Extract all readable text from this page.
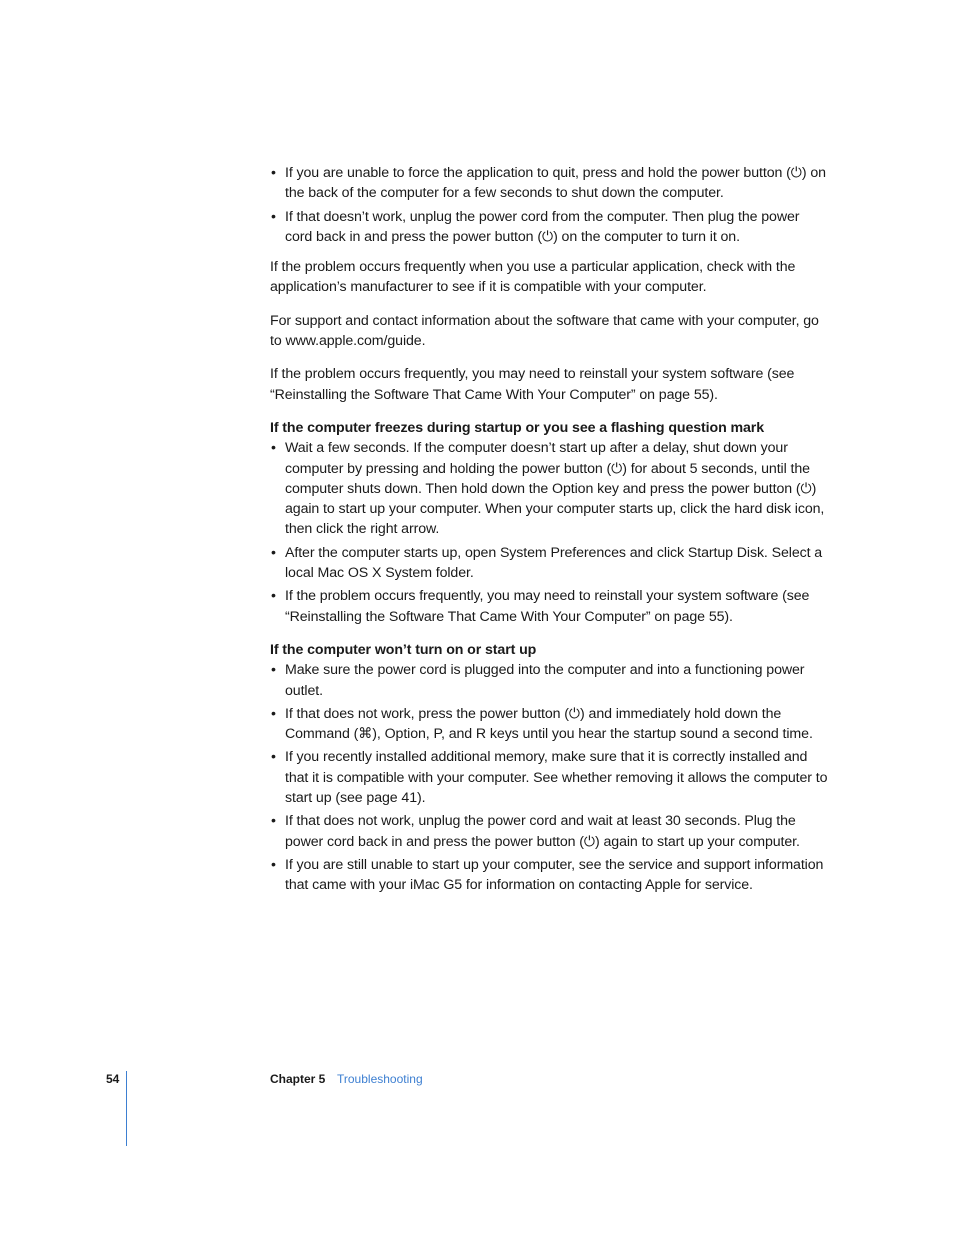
• If you are unable to force the application to quit, press and hold the power button (⏻) on the back of the computer for a few seconds to shut down the computer.
• If that doesn’t work, unplug the power cord from the computer. Then plug the power cord back in and press the power button (⏻) on the computer to turn it on.

If the problem occurs frequently when you use a particular application, check with the application’s manufacturer to see if it is compatible with your computer.

For support and contact information about the software that came with your computer, go to www.apple.com/guide.

If the problem occurs frequently, you may need to reinstall your system software (see “Reinstalling the Software That Came With Your Computer” on page 55).

If the computer freezes during startup or you see a flashing question mark

• Wait a few seconds. If the computer doesn’t start up after a delay, shut down your computer by pressing and holding the power button (⏻) for about 5 seconds, until the computer shuts down. Then hold down the Option key and press the power button (⏻) again to start up your computer. When your computer starts up, click the hard disk icon, then click the right arrow.
• After the computer starts up, open System Preferences and click Startup Disk. Select a local Mac OS X System folder.
• If the problem occurs frequently, you may need to reinstall your system software (see “Reinstalling the Software That Came With Your Computer” on page 55).

If the computer won’t turn on or start up

• Make sure the power cord is plugged into the computer and into a functioning power outlet.
• If that does not work, press the power button (⏻) and immediately hold down the Command (⌘), Option, P, and R keys until you hear the startup sound a second time.
• If you recently installed additional memory, make sure that it is correctly installed and that it is compatible with your computer. See whether removing it allows the computer to start up (see page 41).
• If that does not work, unplug the power cord and wait at least 30 seconds. Plug the power cord back in and press the power button (⏻) again to start up your computer.
• If you are still unable to start up your computer, see the service and support information that came with your iMac G5 for information on contacting Apple for service.
54	Chapter 5 Troubleshooting
